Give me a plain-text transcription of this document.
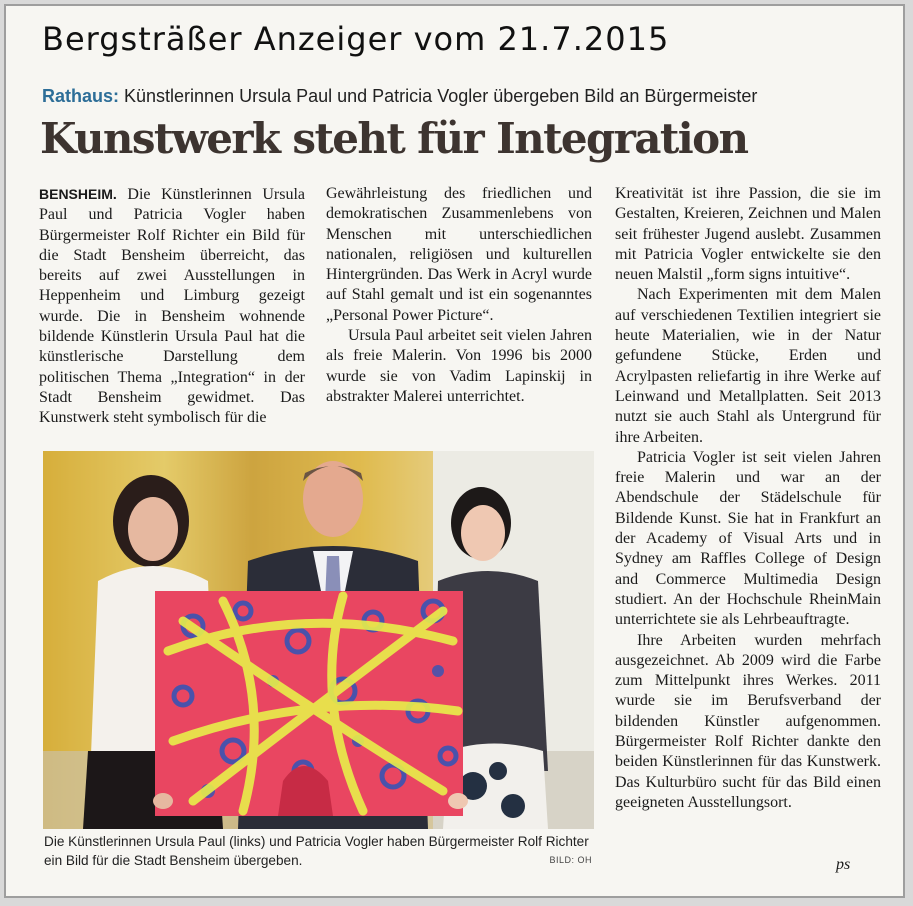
Bergsträßer Anzeiger vom 21.7.2015
Rathaus: Künstlerinnen Ursula Paul und Patricia Vogler übergeben Bild an Bürgermeister
Kunstwerk steht für Integration

BENSHEIM. Die Künstlerinnen Ursula Paul und Patricia Vogler haben Bürgermeister Rolf Richter ein Bild für die Stadt Bensheim überreicht, das bereits auf zwei Ausstellungen in Heppenheim und Limburg gezeigt wurde. Die in Bensheim wohnende bildende Künstlerin Ursula Paul hat die künstlerische Darstellung dem politischen Thema „Integration“ in der Stadt Bensheim gewidmet. Das Kunstwerk steht symbolisch für die

Gewährleistung des friedlichen und demokratischen Zusammenlebens von Menschen mit unterschiedlichen nationalen, religiösen und kulturellen Hintergründen. Das Werk in Acryl wurde auf Stahl gemalt und ist ein sogenanntes „Personal Power Picture“.

Ursula Paul arbeitet seit vielen Jahren als freie Malerin. Von 1996 bis 2000 wurde sie von Vadim Lapinskij in abstrakter Malerei unterrichtet.

Kreativität ist ihre Passion, die sie im Gestalten, Kreieren, Zeichnen und Malen seit frühester Jugend auslebt. Zusammen mit Patricia Vogler entwickelte sie den neuen Malstil „form signs intuitive“.

Nach Experimenten mit dem Malen auf verschiedenen Textilien integriert sie heute Materialien, wie in der Natur gefundene Stücke, Erden und Acrylpasten reliefartig in ihre Werke auf Leinwand und Metallplatten. Seit 2013 nutzt sie auch Stahl als Untergrund für ihre Arbeiten.

Patricia Vogler ist seit vielen Jahren freie Malerin und war an der Abendschule der Städelschule für Bildende Kunst. Sie hat in Frankfurt an der Academy of Visual Arts und in Sydney am Raffles College of Design and Commerce Multimedia Design studiert. An der Hochschule RheinMain unterrichtete sie als Lehrbeauftragte.

Ihre Arbeiten wurden mehrfach ausgezeichnet. Ab 2009 wird die Farbe zum Mittelpunkt ihres Werkes. 2011 wurde sie im Berufsverband der bildenden Künstler aufgenommen. Bürgermeister Rolf Richter dankte den beiden Künstlerinnen für das Kunstwerk. Das Kulturbüro sucht für das Bild einen geeigneten Ausstellungsort.

Die Künstlerinnen Ursula Paul (links) und Patricia Vogler haben Bürgermeister Rolf Richter ein Bild für die Stadt Bensheim übergeben.	BILD: OH	ps
